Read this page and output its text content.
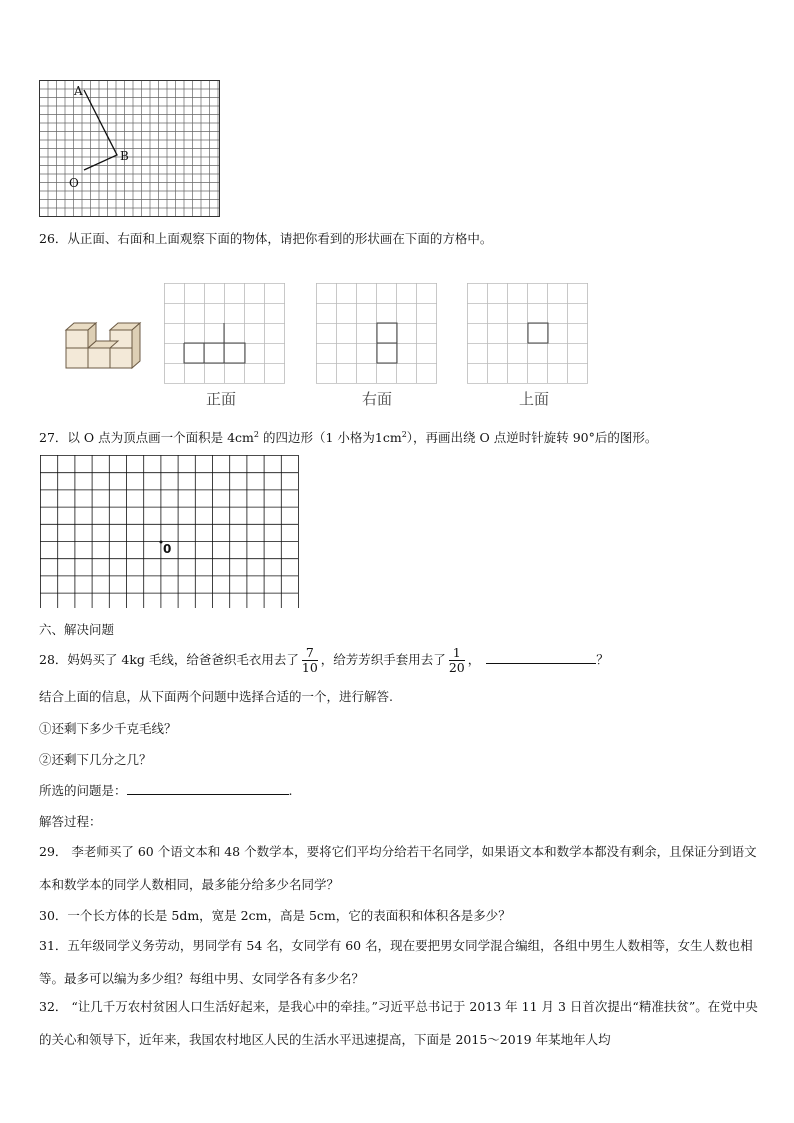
A
B
O
26．从正面、右面和上面观察下面的物体，请把你看到的形状画在下面的方格中。
正面	右面	上面
27．以 O 点为顶点画一个面积是 $4cm^2$ 的四边形（1 小格为$1cm^2$），再画出绕 O 点逆时针旋转 90°后的图形。
0
六、解决问题
28．妈妈买了 4kg 毛线，给爸爸织毛衣用去了 $\frac{7}{10}$ ，给芳芳织手套用去了 $\frac{1}{20}$ ，	？
结合上面的信息，从下面两个问题中选择合适的一个，进行解答.
①还剩下多少千克毛线？
②还剩下几分之几？
所选的问题是：	.
解答过程：
29． 李老师买了 60 个语文本和 48 个数学本，要将它们平均分给若干名同学，如果语文本和数学本都没有剩余，且保证分到语文本和数学本的同学人数相同，最多能分给多少名同学？
30．一个长方体的长是 5dm，宽是 2cm，高是 5cm，它的表面积和体积各是多少？
31．五年级同学义务劳动，男同学有 54 名，女同学有 60 名，现在要把男女同学混合编组，各组中男生人数相等，女生人数也相等。最多可以编为多少组？每组中男、女同学各有多少名？
32． “让几千万农村贫困人口生活好起来，是我心中的牵挂。”习近平总书记于 2013 年 11 月 3 日首次提出“精准扶贫”。在党中央的关心和领导下，近年来，我国农村地区人民的生活水平迅速提高，下面是 2015～2019 年某地年人均
